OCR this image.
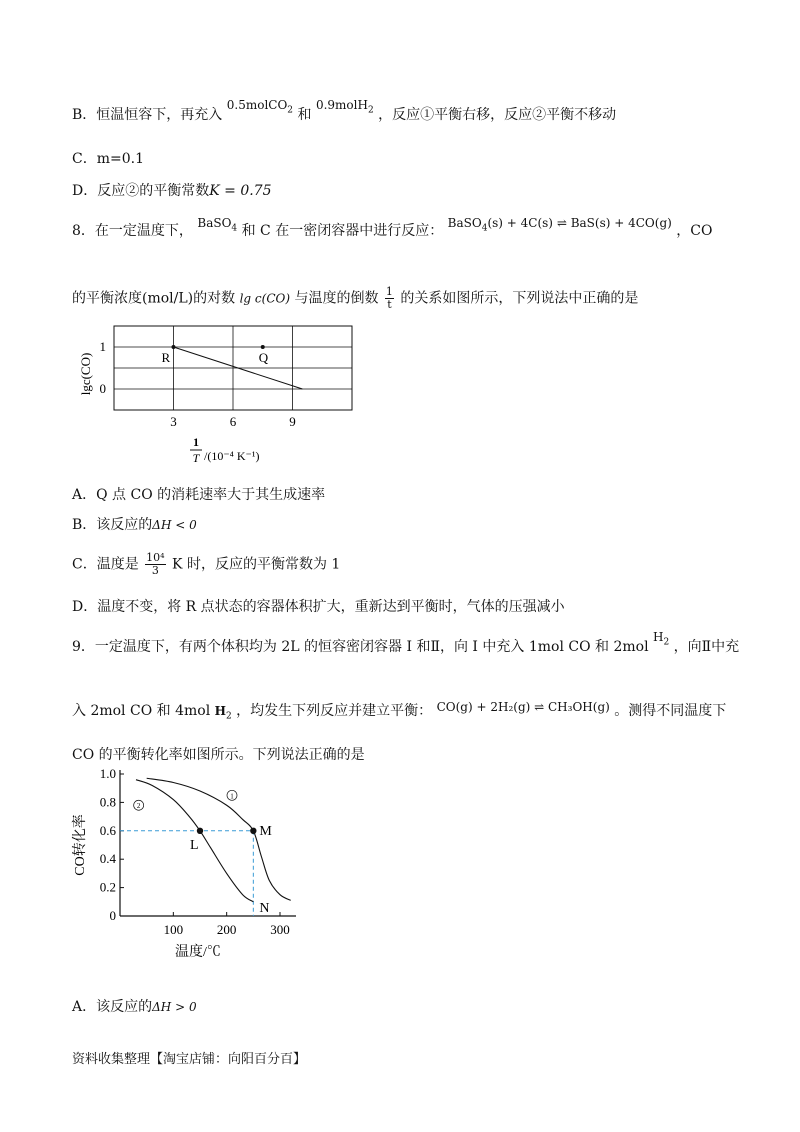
B．恒温恒容下，再充入 0.5molCO$_2$ 和 0.9molH$_2$ ，反应①平衡右移，反应②平衡不移动
C．m=0.1
D．反应②的平衡常数K = 0.75
8．在一定温度下， BaSO$_4$ 和 C 在一密闭容器中进行反应： BaSO$_4$(s) + 4C(s) ⇌ BaS(s) + 4CO(g) ，CO
的平衡浓度(mol/L)的对数 lg c(CO) 与温度的倒数 $\frac{1}{t}$ 的关系如图所示，下列说法中正确的是
3	6	9
0
1
lgc(CO)
1
T /(10⁻⁴ K⁻¹)
R	Q
A．Q 点 CO 的消耗速率大于其生成速率
B．该反应的ΔH < 0
C．温度是 $\frac{\text{10⁴}}{3}$ K 时，反应的平衡常数为 1
D．温度不变，将 R 点状态的容器体积扩大，重新达到平衡时，气体的压强减小
9．一定温度下，有两个体积均为 2L 的恒容密闭容器 Ⅰ 和Ⅱ，向 Ⅰ 中充入 1mol CO 和 2mol $H_2$ ，向Ⅱ中充
入 2mol CO 和 4mol $H_2$ ，均发生下列反应并建立平衡： CO(g) + 2H₂(g) ⇌ CH₃OH(g) 。测得不同温度下
CO 的平衡转化率如图所示。下列说法正确的是
0
0.2
0.4
0.6
0.8
1.0
100	200	300
CO转化率
温度/℃
1
2
L
M
N
A．该反应的ΔH > 0
资料收集整理【淘宝店铺：向阳百分百】
